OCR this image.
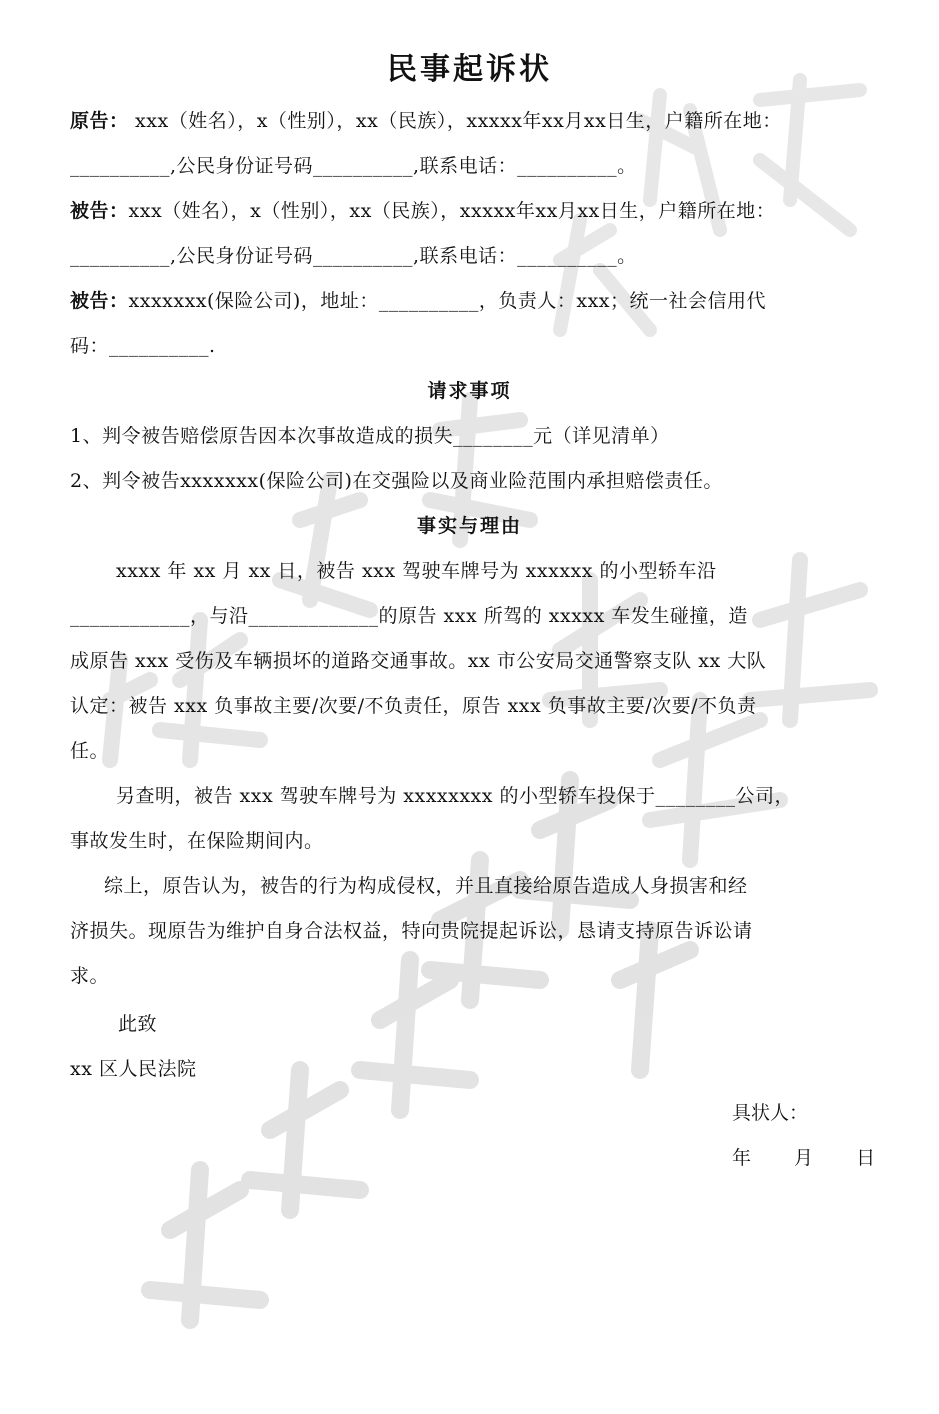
民事起诉状
原告： xxx（姓名），x（性别），xx（民族），xxxxx年xx月xx日生，户籍所在地：
__________,公民身份证号码__________,联系电话：__________。
被告：xxx（姓名），x（性别），xx（民族），xxxxx年xx月xx日生，户籍所在地：
__________,公民身份证号码__________,联系电话：__________。
被告：xxxxxxx(保险公司)，地址：__________，负责人：xxx；统一社会信用代
码：__________.
请求事项
1、判令被告赔偿原告因本次事故造成的损失________元（详见清单）
2、判令被告xxxxxxx(保险公司)在交强险以及商业险范围内承担赔偿责任。
事实与理由
xxxx 年 xx 月 xx 日，被告 xxx 驾驶车牌号为 xxxxxx 的小型轿车沿
____________，与沿_____________的原告 xxx 所驾的 xxxxx 车发生碰撞，造
成原告 xxx 受伤及车辆损坏的道路交通事故。xx 市公安局交通警察支队 xx 大队
认定：被告 xxx 负事故主要/次要/不负责任，原告 xxx 负事故主要/次要/不负责
任。
另查明，被告 xxx 驾驶车牌号为 xxxxxxxx 的小型轿车投保于________公司，
事故发生时，在保险期间内。
综上，原告认为，被告的行为构成侵权，并且直接给原告造成人身损害和经
济损失。现原告为维护自身合法权益，特向贵院提起诉讼，恳请支持原告诉讼请
求。
此致
xx 区人民法院
具状人：
年　 月　 日
